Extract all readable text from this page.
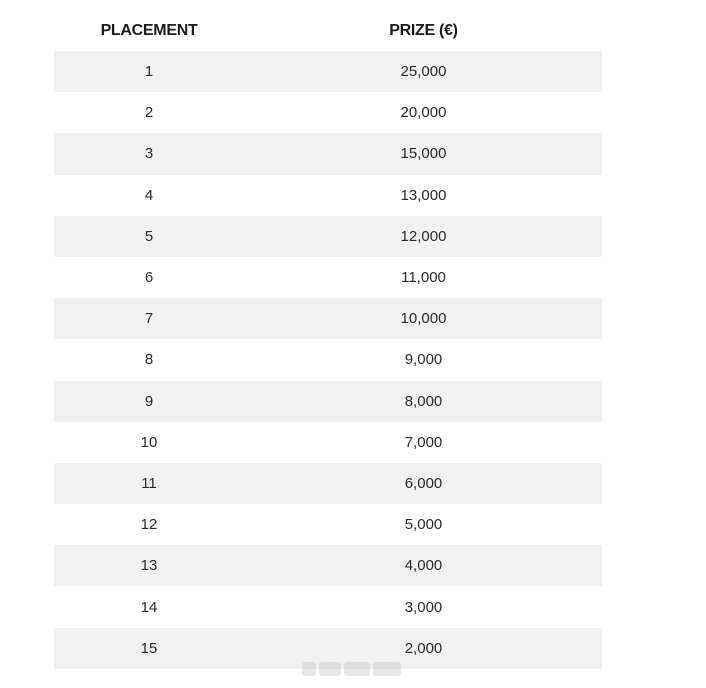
PLACEMENT	PRIZE (€)
1	25,000
2	20,000
3	15,000
4	13,000
5	12,000
6	11,000
7	10,000
8	9,000
9	8,000
10	7,000
11	6,000
12	5,000
13	4,000
14	3,000
15	2,000
